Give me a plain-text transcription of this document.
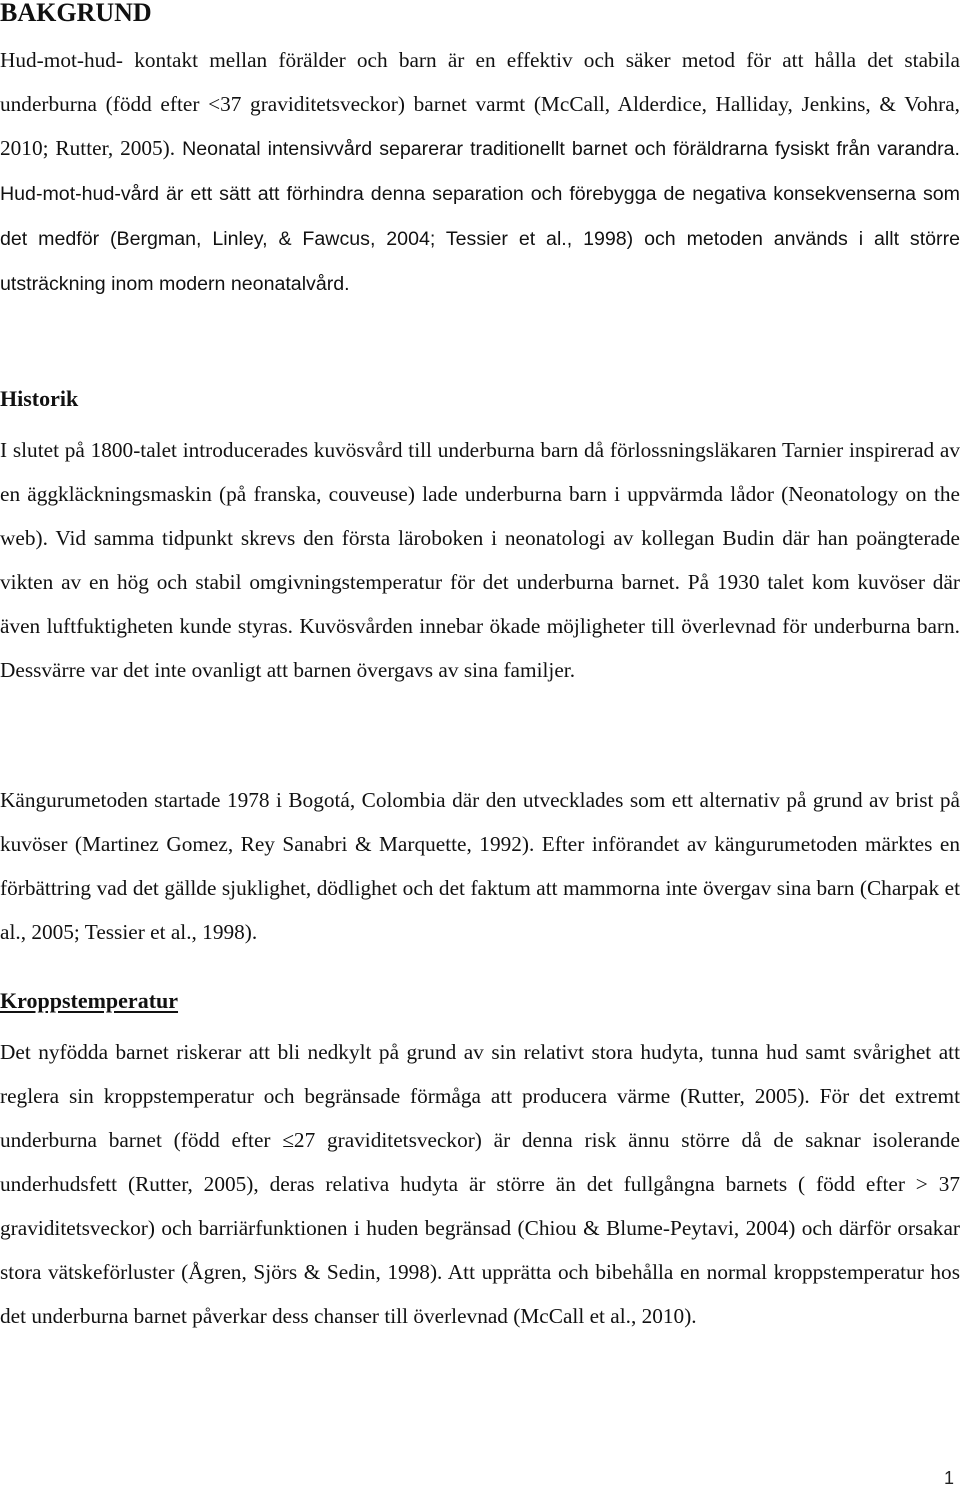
BAKGRUND

Hud-mot-hud- kontakt mellan förälder och barn är en effektiv och säker metod för att hålla det stabila underburna (född efter <37 graviditetsveckor) barnet varmt (McCall, Alderdice, Halliday, Jenkins, & Vohra, 2010; Rutter, 2005). Neonatal intensivvård separerar traditionellt barnet och föräldrarna fysiskt från varandra. Hud-mot-hud-vård är ett sätt att förhindra denna separation och förebygga de negativa konsekvenserna som det medför (Bergman, Linley, & Fawcus, 2004; Tessier et al., 1998) och metoden används i allt större utsträckning inom modern neonatalvård.

Historik

I slutet på 1800-talet introducerades kuvösvård till underburna barn då förlossningsläkaren Tarnier inspirerad av en äggkläckningsmaskin (på franska, couveuse) lade underburna barn i uppvärmda lådor (Neonatology on the web). Vid samma tidpunkt skrevs den första läroboken i neonatologi av kollegan Budin där han poängterade vikten av en hög och stabil omgivningstemperatur för det underburna barnet. På 1930 talet kom kuvöser där även luftfuktigheten kunde styras. Kuvösvården innebar ökade möjligheter till överlevnad för underburna barn. Dessvärre var det inte ovanligt att barnen övergavs av sina familjer.

Kängurumetoden startade 1978 i Bogotá, Colombia där den utvecklades som ett alternativ på grund av brist på kuvöser (Martinez Gomez, Rey Sanabri & Marquette, 1992). Efter införandet av kängurumetoden märktes en förbättring vad det gällde sjuklighet, dödlighet och det faktum att mammorna inte övergav sina barn (Charpak et al., 2005; Tessier et al., 1998).

Kroppstemperatur

Det nyfödda barnet riskerar att bli nedkylt på grund av sin relativt stora hudyta, tunna hud samt svårighet att reglera sin kroppstemperatur och begränsade förmåga att producera värme (Rutter, 2005). För det extremt underburna barnet (född efter ≤27 graviditetsveckor) är denna risk ännu större då de saknar isolerande underhudsfett (Rutter, 2005), deras relativa hudyta är större än det fullgångna barnets ( född efter > 37 graviditetsveckor) och barriärfunktionen i huden begränsad (Chiou & Blume-Peytavi, 2004) och därför orsakar stora vätskeförluster (Ågren, Sjörs & Sedin, 1998). Att upprätta och bibehålla en normal kroppstemperatur hos det underburna barnet påverkar dess chanser till överlevnad (McCall et al., 2010).

1
